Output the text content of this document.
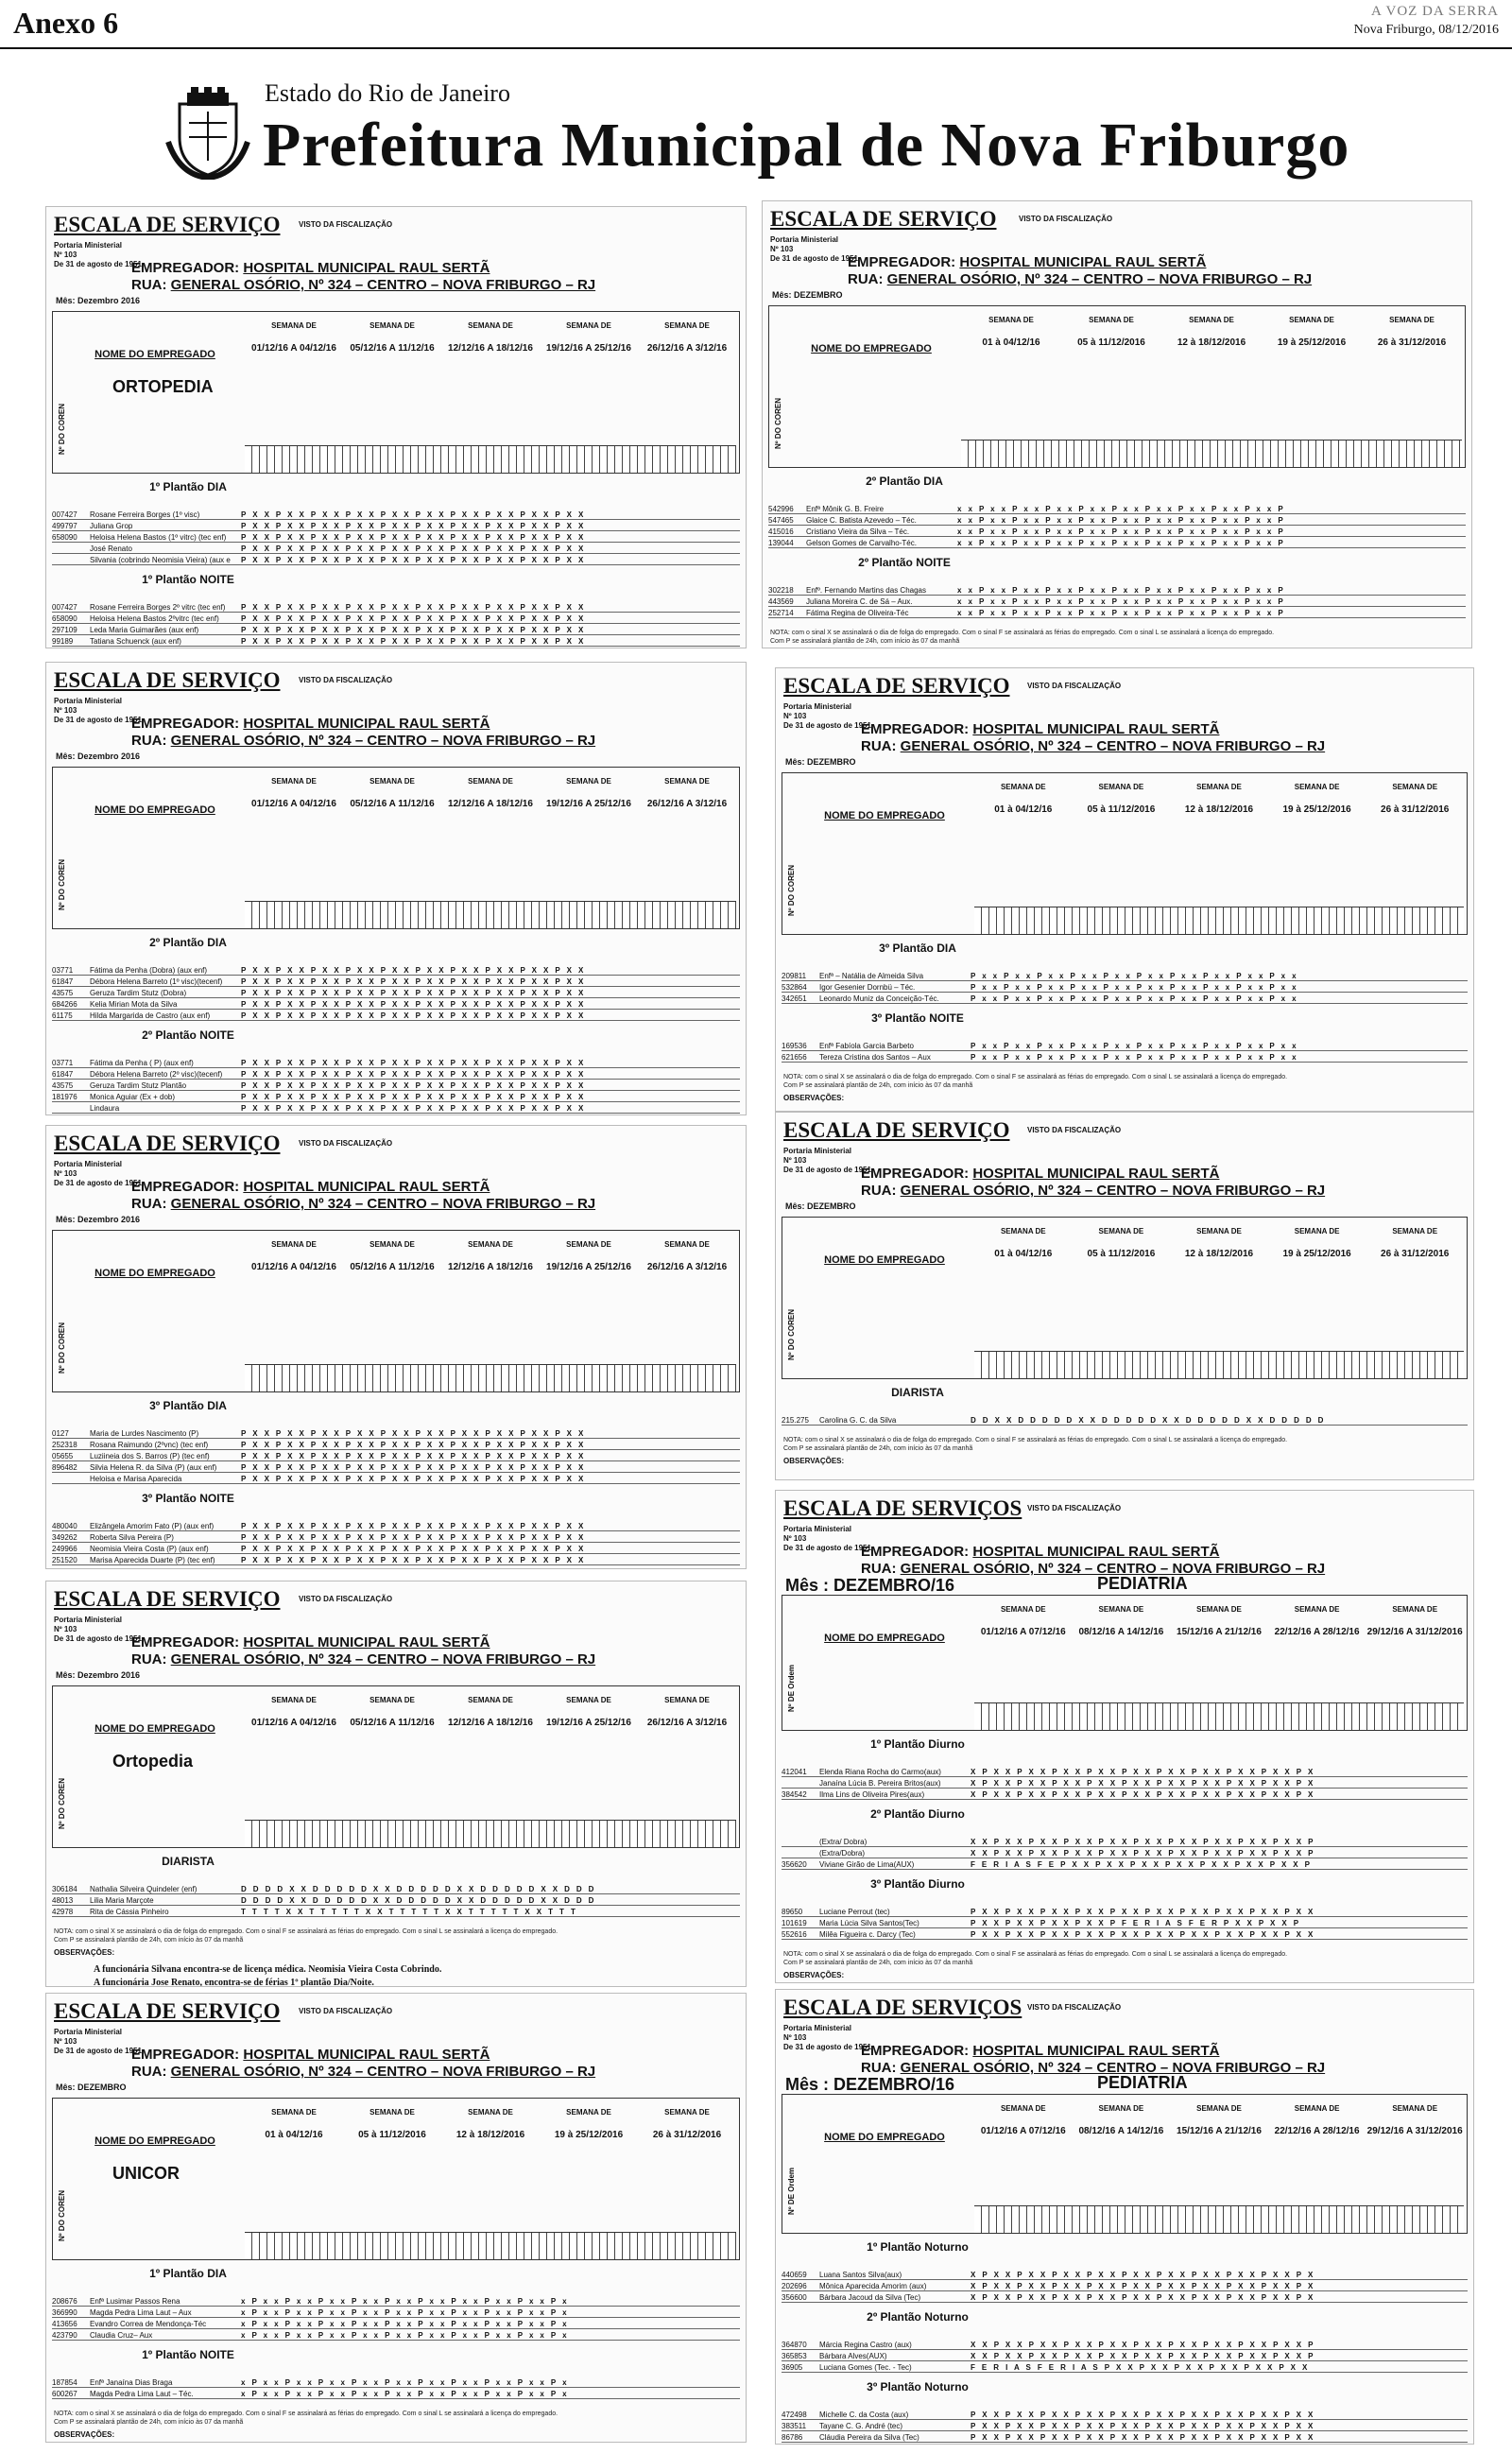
Anexo 6	A VOZ DA SERRA
Nova Friburgo, 08/12/2016
Estado do Rio de Janeiro
Prefeitura Municipal de Nova Friburgo
ESCALA DE SERVIÇO
Portaria Ministerial
Nº 103
De 31 de agosto de 1951
VISTO DA FISCALIZAÇÃO
EMPREGADOR: HOSPITAL MUNICIPAL RAUL SERTÃ
RUA: GENERAL OSÓRIO, Nº 324 – CENTRO – NOVA FRIBURGO – RJ
Mês: Dezembro 2016
ORTOPEDIA
Nº DO COREN
NOME DO EMPREGADO
SEMANA DE
01/12/16 A 04/12/16
SEMANA DE
05/12/16 A 11/12/16
SEMANA DE
12/12/16 A 18/12/16
SEMANA DE
19/12/16 A 25/12/16
SEMANA DE
26/12/16 A 3/12/16
1º Plantão DIA
007427 Rosane Ferreira Borges (1º visc)	P X X P X X P X X P X X P X X P X X P X X P X X P X X P X X
499797 Juliana Grop	P X X P X X P X X P X X P X X P X X P X X P X X P X X P X X
658090 Heloisa Helena Bastos (1º vitrc) (tec enf) P X X P X X P X X P X X P X X P X X P X X P X X P X X P X X
José Renato	P X X P X X P X X P X X P X X P X X P X X P X X P X X P X X
Silvania (cobrindo Neomisia Vieira) (aux e P X X P X X P X X P X X P X X P X X P X X P X X P X X P X X
1º Plantão NOITE
007427 Rosane Ferreira Borges 2º vitrc (tec enf) P X X P X X P X X P X X P X X P X X P X X P X X P X X P X X
658090 Heloisa Helena Bastos 2ºvitrc (tec enf)	P X X P X X P X X P X X P X X P X X P X X P X X P X X P X X
297109 Leda Maria Guimarães (aux enf)	P X X P X X P X X P X X P X X P X X P X X P X X P X X P X X
99189 Tatiana Schuenck (aux enf)	P X X P X X P X X P X X P X X P X X P X X P X X P X X P X X
ESCALA DE SERVIÇO
Portaria Ministerial
Nº 103
De 31 de agosto de 1951
VISTO DA FISCALIZAÇÃO
EMPREGADOR: HOSPITAL MUNICIPAL RAUL SERTÃ
RUA: GENERAL OSÓRIO, Nº 324 – CENTRO – NOVA FRIBURGO – RJ
Mês: DEZEMBRO
Nº DO COREN
NOME DO EMPREGADO
SEMANA DE
01 à 04/12/16
SEMANA DE
05 à 11/12/2016
SEMANA DE
12 à 18/12/2016
SEMANA DE
19 à 25/12/2016
SEMANA DE
26 à 31/12/2016
2º Plantão DIA
542996 Enfª Mônik G. B. Freire	x x P x x P x x P x x P x x P x x P x x P x x P x x P x x P
547465 Glaice C. Batista Azevedo – Téc.	x x P x x P x x P x x P x x P x x P x x P x x P x x P x x P
415016 Cristiano Vieira da Silva – Téc.	x x P x x P x x P x x P x x P x x P x x P x x P x x P x x P
139044 Gelson Gomes de Carvalho-Téc.	x x P x x P x x P x x P x x P x x P x x P x x P x x P x x P
2º Plantão NOITE
302218 Enfº. Fernando Martins das Chagas	x x P x x P x x P x x P x x P x x P x x P x x P x x P x x P
443569 Juliana Moreira C. de Sá – Aux.	x x P x x P x x P x x P x x P x x P x x P x x P x x P x x P
252714 Fátima Regina de Oliveira-Téc	x x P x x P x x P x x P x x P x x P x x P x x P x x P x x P
NOTA: com o sinal X se assinalará o dia de folga do empregado. Com o sinal F se assinalará as férias do empregado. Com o sinal L se assinalará a licença do empregado.
Com P se assinalará plantão de 24h, com início às 07 da manhã
ESCALA DE SERVIÇO
Portaria Ministerial
Nº 103
De 31 de agosto de 1951
VISTO DA FISCALIZAÇÃO
EMPREGADOR: HOSPITAL MUNICIPAL RAUL SERTÃ
RUA: GENERAL OSÓRIO, Nº 324 – CENTRO – NOVA FRIBURGO – RJ
Mês: Dezembro 2016
Nº DO COREN
NOME DO EMPREGADO
SEMANA DE
01/12/16 A 04/12/16
SEMANA DE
05/12/16 A 11/12/16
SEMANA DE
12/12/16 A 18/12/16
SEMANA DE
19/12/16 A 25/12/16
SEMANA DE
26/12/16 A 3/12/16
2º Plantão DIA
03771 Fátima da Penha (Dobra) (aux enf)	P X X P X X P X X P X X P X X P X X P X X P X X P X X P X X
61847 Débora Helena Barreto (1º visc)(tecenf) P X X P X X P X X P X X P X X P X X P X X P X X P X X P X X
43575 Geruza Tardim Stutz (Dobra)	P X X P X X P X X P X X P X X P X X P X X P X X P X X P X X
684266 Kelia Mirian Mota da Silva	P X X P X X P X X P X X P X X P X X P X X P X X P X X P X X
61175 Hilda Margarida de Castro (aux enf)	P X X P X X P X X P X X P X X P X X P X X P X X P X X P X X
2º Plantão NOITE
03771 Fátima da Penha ( P) (aux enf)	P X X P X X P X X P X X P X X P X X P X X P X X P X X P X X
61847 Débora Helena Barreto (2º visc)(tecenf) P X X P X X P X X P X X P X X P X X P X X P X X P X X P X X
43575 Geruza Tardim Stutz Plantão	P X X P X X P X X P X X P X X P X X P X X P X X P X X P X X
181976 Monica Aguiar (Ex + dob)	P X X P X X P X X P X X P X X P X X P X X P X X P X X P X X
Lindaura	P X X P X X P X X P X X P X X P X X P X X P X X P X X P X X
ESCALA DE SERVIÇO
Portaria Ministerial
Nº 103
De 31 de agosto de 1951
VISTO DA FISCALIZAÇÃO
EMPREGADOR: HOSPITAL MUNICIPAL RAUL SERTÃ
RUA: GENERAL OSÓRIO, Nº 324 – CENTRO – NOVA FRIBURGO – RJ
Mês: DEZEMBRO
Nº DO COREN
NOME DO EMPREGADO
SEMANA DE
01 à 04/12/16
SEMANA DE
05 à 11/12/2016
SEMANA DE
12 à 18/12/2016
SEMANA DE
19 à 25/12/2016
SEMANA DE
26 à 31/12/2016
3º Plantão DIA
209811 Enfª – Natália de Almeida Silva	P x x P x x P x x P x x P x x P x x P x x P x x P x x P x x
532864 Igor Gesenier Dornbü – Téc.	P x x P x x P x x P x x P x x P x x P x x P x x P x x P x x
342651 Leonardo Muniz da Conceição-Téc.	P x x P x x P x x P x x P x x P x x P x x P x x P x x P x x
3º Plantão NOITE
169536 Enfª Fabíola Garcia Barbeto	P x x P x x P x x P x x P x x P x x P x x P x x P x x P x x
621656 Tereza Cristina dos Santos – Aux	P x x P x x P x x P x x P x x P x x P x x P x x P x x P x x
NOTA: com o sinal X se assinalará o dia de folga do empregado. Com o sinal F se assinalará as férias do empregado. Com o sinal L se assinalará a licença do empregado.
Com P se assinalará plantão de 24h, com início às 07 da manhã
OBSERVAÇÕES:
ESCALA DE SERVIÇO
Portaria Ministerial
Nº 103
De 31 de agosto de 1951
VISTO DA FISCALIZAÇÃO
EMPREGADOR: HOSPITAL MUNICIPAL RAUL SERTÃ
RUA: GENERAL OSÓRIO, Nº 324 – CENTRO – NOVA FRIBURGO – RJ
Mês: Dezembro 2016
Nº DO COREN
NOME DO EMPREGADO
SEMANA DE
01/12/16 A 04/12/16
SEMANA DE
05/12/16 A 11/12/16
SEMANA DE
12/12/16 A 18/12/16
SEMANA DE
19/12/16 A 25/12/16
SEMANA DE
26/12/16 A 3/12/16
3º Plantão DIA
0127	Maria de Lurdes Nascimento (P)	P X X P X X P X X P X X P X X P X X P X X P X X P X X P X X
252318 Rosana Raimundo (2ºvnc) (tec enf)	P X X P X X P X X P X X P X X P X X P X X P X X P X X P X X
05655 Luziineia dos S. Barros (P) (tec enf)	P X X P X X P X X P X X P X X P X X P X X P X X P X X P X X
896482 Silvia Helena R. da Silva (P) (aux enf)	P X X P X X P X X P X X P X X P X X P X X P X X P X X P X X
Heloisa e Marisa Aparecida	P X X P X X P X X P X X P X X P X X P X X P X X P X X P X X
3º Plantão NOITE
480040 Elizângela Amorim Fato (P) (aux enf)	P X X P X X P X X P X X P X X P X X P X X P X X P X X P X X
349262 Roberta Silva Pereira (P)	P X X P X X P X X P X X P X X P X X P X X P X X P X X P X X
249966 Neomisia Vieira Costa (P) (aux enf)	P X X P X X P X X P X X P X X P X X P X X P X X P X X P X X
251520 Marisa Aparecida Duarte (P) (tec enf)	P X X P X X P X X P X X P X X P X X P X X P X X P X X P X X
ESCALA DE SERVIÇO
Portaria Ministerial
Nº 103
De 31 de agosto de 1951
VISTO DA FISCALIZAÇÃO
EMPREGADOR: HOSPITAL MUNICIPAL RAUL SERTÃ
RUA: GENERAL OSÓRIO, Nº 324 – CENTRO – NOVA FRIBURGO – RJ
Mês: DEZEMBRO
Nº DO COREN
NOME DO EMPREGADO
SEMANA DE
01 à 04/12/16
SEMANA DE
05 à 11/12/2016
SEMANA DE
12 à 18/12/2016
SEMANA DE
19 à 25/12/2016
SEMANA DE
26 à 31/12/2016
DIARISTA
215.275 Carolina G. C. da Silva	D D X X D D D D D X X D D D D D X X D D D D D X X D D D D D
NOTA: com o sinal X se assinalará o dia de folga do empregado. Com o sinal F se assinalará as férias do empregado. Com o sinal L se assinalará a licença do empregado.
Com P se assinalará plantão de 24h, com início às 07 da manhã
OBSERVAÇÕES:
ESCALA DE SERVIÇO
Portaria Ministerial
Nº 103
De 31 de agosto de 1951
VISTO DA FISCALIZAÇÃO
EMPREGADOR: HOSPITAL MUNICIPAL RAUL SERTÃ
RUA: GENERAL OSÓRIO, Nº 324 – CENTRO – NOVA FRIBURGO – RJ
Mês: Dezembro 2016
Ortopedia
Nº DO COREN
NOME DO EMPREGADO
SEMANA DE
01/12/16 A 04/12/16
SEMANA DE
05/12/16 A 11/12/16
SEMANA DE
12/12/16 A 18/12/16
SEMANA DE
19/12/16 A 25/12/16
SEMANA DE
26/12/16 A 3/12/16
DIARISTA
306184 Nathalia Silveira Quindeler (enf)	D D D D X X D D D D D X X D D D D D X X D D D D D X X D D D
48013 Lilia Maria Marçote	D D D D X X D D D D D X X D D D D D X X D D D D D X X D D D
42978 Rita de Cássia Pinheiro	T T T T X X T T T T T X X T T T T T X X T T T T T X X T T T
NOTA: com o sinal X se assinalará o dia de folga do empregado. Com o sinal F se assinalará as férias do empregado. Com o sinal L se assinalará a licença do empregado.
Com P se assinalará plantão de 24h, com início às 07 da manhã
OBSERVAÇÕES:
A funcionária Silvana encontra-se de licença médica. Neomisia Vieira Costa Cobrindo.
A funcionária Jose Renato, encontra-se de férias 1º plantão Dia/Noite.
ESCALA DE SERVIÇOS
Portaria Ministerial
Nº 103
De 31 de agosto de 1951
VISTO DA FISCALIZAÇÃO
EMPREGADOR: HOSPITAL MUNICIPAL RAUL SERTÃ
RUA: GENERAL OSÓRIO, Nº 324 – CENTRO – NOVA FRIBURGO – RJ
Mês : DEZEMBRO/16	PEDIATRIA
Nº DE Ordem
NOME DO EMPREGADO
SEMANA DE
01/12/16 A 07/12/16
SEMANA DE
08/12/16 A 14/12/16
SEMANA DE
15/12/16 A 21/12/16
SEMANA DE
22/12/16 A 28/12/16
SEMANA DE
29/12/16 A 31/12/2016
1º Plantão Diurno
412041 Elenda Riana Rocha do Carmo(aux)	X P X X P X X P X X P X X P X X P X X P X X P X X P X X P X
Janaína Lúcia B. Pereira Britos(aux)	X P X X P X X P X X P X X P X X P X X P X X P X X P X X P X
384542 Ilma Lins de Oliveira Pires(aux)	X P X X P X X P X X P X X P X X P X X P X X P X X P X X P X
2º Plantão Diurno
(Extra/ Dobra)	X X P X X P X X P X X P X X P X X P X X P X X P X X P X X P
(Extra/Dobra)	X X P X X P X X P X X P X X P X X P X X P X X P X X P X X P
356620 Viviane Girão de Lima(AUX)	F E R I A S F E P X X P X X P X X P X X P X X P X X P X X P
3º Plantão Diurno
89650 Luciane Perrout (tec)	P X X P X X P X X P X X P X X P X X P X X P X X P X X P X X
101619 Maria Lúcia Silva Santos(Tec)	P X X P X X P X X P X X P F E R I A S F E R P X X P X X P
552616 Milêa Figueira c. Darcy (Tec)	P X X P X X P X X P X X P X X P X X P X X P X X P X X P X X
NOTA: com o sinal X se assinalará o dia de folga do empregado. Com o sinal F se assinalará as férias do empregado. Com o sinal L se assinalará a licença do empregado.
Com P se assinalará plantão de 24h, com início às 07 da manhã
OBSERVAÇÕES:
ESCALA DE SERVIÇO
Portaria Ministerial
Nº 103
De 31 de agosto de 1951
VISTO DA FISCALIZAÇÃO
EMPREGADOR: HOSPITAL MUNICIPAL RAUL SERTÃ
RUA: GENERAL OSÓRIO, Nº 324 – CENTRO – NOVA FRIBURGO – RJ
Mês: DEZEMBRO
UNICOR
Nº DO COREN
NOME DO EMPREGADO
SEMANA DE
01 à 04/12/16
SEMANA DE
05 à 11/12/2016
SEMANA DE
12 à 18/12/2016
SEMANA DE
19 à 25/12/2016
SEMANA DE
26 à 31/12/2016
1º Plantão DIA
208676 Enfª Lusimar Passos Rena	x P x x P x x P x x P x x P x x P x x P x x P x x P x x P x
366990 Magda Pedra Lima Laut – Aux	x P x x P x x P x x P x x P x x P x x P x x P x x P x x P x
413656 Evandro Correa de Mendonça-Téc	x P x x P x x P x x P x x P x x P x x P x x P x x P x x P x
423790 Claudia Cruz– Aux	x P x x P x x P x x P x x P x x P x x P x x P x x P x x P x
1º Plantão NOITE
187854 Enfª Janaína Dias Braga	x P x x P x x P x x P x x P x x P x x P x x P x x P x x P x
600267 Magda Pedra Lima Laut – Téc.	x P x x P x x P x x P x x P x x P x x P x x P x x P x x P x
NOTA: com o sinal X se assinalará o dia de folga do empregado. Com o sinal F se assinalará as férias do empregado. Com o sinal L se assinalará a licença do empregado.
Com P se assinalará plantão de 24h, com início às 07 da manhã
OBSERVAÇÕES:
ESCALA DE SERVIÇOS
Portaria Ministerial
Nº 103
De 31 de agosto de 1951
VISTO DA FISCALIZAÇÃO
EMPREGADOR: HOSPITAL MUNICIPAL RAUL SERTÃ
RUA: GENERAL OSÓRIO, Nº 324 – CENTRO – NOVA FRIBURGO – RJ
Mês : DEZEMBRO/16	PEDIATRIA
Nº DE Ordem
NOME DO EMPREGADO
SEMANA DE
01/12/16 A 07/12/16
SEMANA DE
08/12/16 A 14/12/16
SEMANA DE
15/12/16 A 21/12/16
SEMANA DE
22/12/16 A 28/12/16
SEMANA DE
29/12/16 A 31/12/2016
1º Plantão Noturno
440659 Luana Santos Silva(aux)	X P X X P X X P X X P X X P X X P X X P X X P X X P X X P X
202696 Mônica Aparecida Amorim (aux)	X P X X P X X P X X P X X P X X P X X P X X P X X P X X P X
356600 Bárbara Jacoud da Silva (Tec)	X P X X P X X P X X P X X P X X P X X P X X P X X P X X P X
2º Plantão Noturno
364870 Márcia Regina Castro (aux)	X X P X X P X X P X X P X X P X X P X X P X X P X X P X X P
365853 Bárbara Alves(AUX)	X X P X X P X X P X X P X X P X X P X X P X X P X X P X X P
36905 Luciana Gomes (Tec. - Tec)	F E R I A S F E R I A S P X X P X X P X X P X X P X X P X X
3º Plantão Noturno
472498 Michelle C. da Costa (aux)	P X X P X X P X X P X X P X X P X X P X X P X X P X X P X X
383511 Tayane C. G. André (tec)	P X X P X X P X X P X X P X X P X X P X X P X X P X X P X X
86786 Cláudia Pereira da Silva (Tec)	P X X P X X P X X P X X P X X P X X P X X P X X P X X P X X
